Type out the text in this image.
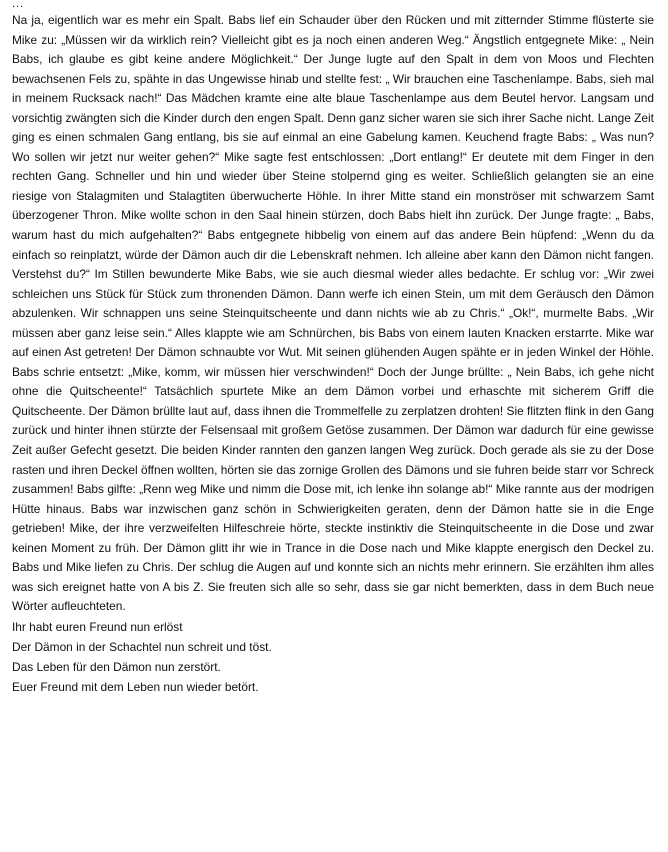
...

Na ja, eigentlich war es mehr ein Spalt. Babs lief ein Schauder über den Rücken und mit zitternder Stimme flüsterte sie Mike zu: „Müssen wir da wirklich rein? Vielleicht gibt es ja noch einen anderen Weg.“ Ängstlich entgegnete Mike: „ Nein Babs, ich glaube es gibt keine andere Möglichkeit.“ Der Junge lugte auf den Spalt in dem von Moos und Flechten bewachsenen Fels zu, spähte in das Ungewisse hinab und stellte fest: „ Wir brauchen eine Taschenlampe. Babs, sieh mal in meinem Rucksack nach!“ Das Mädchen kramte eine alte blaue Taschenlampe aus dem Beutel hervor. Langsam und vorsichtig zwängten sich die Kinder durch den engen Spalt. Denn ganz sicher waren sie sich ihrer Sache nicht. Lange Zeit ging es einen schmalen Gang entlang, bis sie auf einmal an eine Gabelung kamen. Keuchend fragte Babs: „ Was nun? Wo sollen wir jetzt nur weiter gehen?“ Mike sagte fest entschlossen: „Dort entlang!“ Er deutete mit dem Finger in den rechten Gang. Schneller und hin und wieder über Steine stolpernd ging es weiter. Schließlich gelangten sie an eine riesige von Stalagmiten und Stalagtiten überwucherte Höhle. In ihrer Mitte stand ein monströser mit schwarzem Samt überzogener Thron. Mike wollte schon in den Saal hinein stürzen, doch Babs hielt ihn zurück. Der Junge fragte: „ Babs, warum hast du mich aufgehalten?“ Babs entgegnete hibbelig von einem auf das andere Bein hüpfend: „Wenn du da einfach so reinplatzt, würde der Dämon auch dir die Lebenskraft nehmen. Ich alleine aber kann den Dämon nicht fangen. Verstehst du?“ Im Stillen bewunderte Mike Babs, wie sie auch diesmal wieder alles bedachte. Er schlug vor: „Wir zwei schleichen uns Stück für Stück zum thronenden Dämon. Dann werfe ich einen Stein, um mit dem Geräusch den Dämon abzulenken. Wir schnappen uns seine Steinquitscheente und dann nichts wie ab zu Chris.“ „Ok!“, murmelte Babs. „Wir müssen aber ganz leise sein.“ Alles klappte wie am Schnürchen, bis Babs von einem lauten Knacken erstarrte. Mike war auf einen Ast getreten! Der Dämon schnaubte vor Wut. Mit seinen glühenden Augen spähte er in jeden Winkel der Höhle. Babs schrie entsetzt: „Mike, komm, wir müssen hier verschwinden!“ Doch der Junge brüllte: „ Nein Babs, ich gehe nicht ohne die Quitscheente!“ Tatsächlich spurtete Mike an dem Dämon vorbei und erhaschte mit sicherem Griff die Quitscheente. Der Dämon brüllte laut auf, dass ihnen die Trommelfelle zu zerplatzen drohten! Sie flitzten flink in den Gang zurück und hinter ihnen stürzte der Felsensaal mit großem Getöse zusammen. Der Dämon war dadurch für eine gewisse Zeit außer Gefecht gesetzt. Die beiden Kinder rannten den ganzen langen Weg zurück. Doch gerade als sie zu der Dose rasten und ihren Deckel öffnen wollten, hörten sie das zornige Grollen des Dämons und sie fuhren beide starr vor Schreck zusammen! Babs gilfte: „Renn weg Mike und nimm die Dose mit, ich lenke ihn solange ab!“ Mike rannte aus der modrigen Hütte hinaus. Babs war inzwischen ganz schön in Schwierigkeiten geraten, denn der Dämon hatte sie in die Enge getrieben! Mike, der ihre verzweifelten Hilfeschreie hörte, steckte instinktiv die Steinquitscheente in die Dose und zwar keinen Moment zu früh. Der Dämon glitt ihr wie in Trance in die Dose nach und Mike klappte energisch den Deckel zu. Babs und Mike liefen zu Chris. Der schlug die Augen auf und konnte sich an nichts mehr erinnern. Sie erzählten ihm alles was sich ereignet hatte von A bis Z. Sie freuten sich alle so sehr, dass sie gar nicht bemerkten, dass in dem Buch neue Wörter aufleuchteten.

Ihr habt euren Freund nun erlöst

Der Dämon in der Schachtel nun schreit und töst.

Das Leben für den Dämon nun zerstört.

Euer Freund mit dem Leben nun wieder betört.
